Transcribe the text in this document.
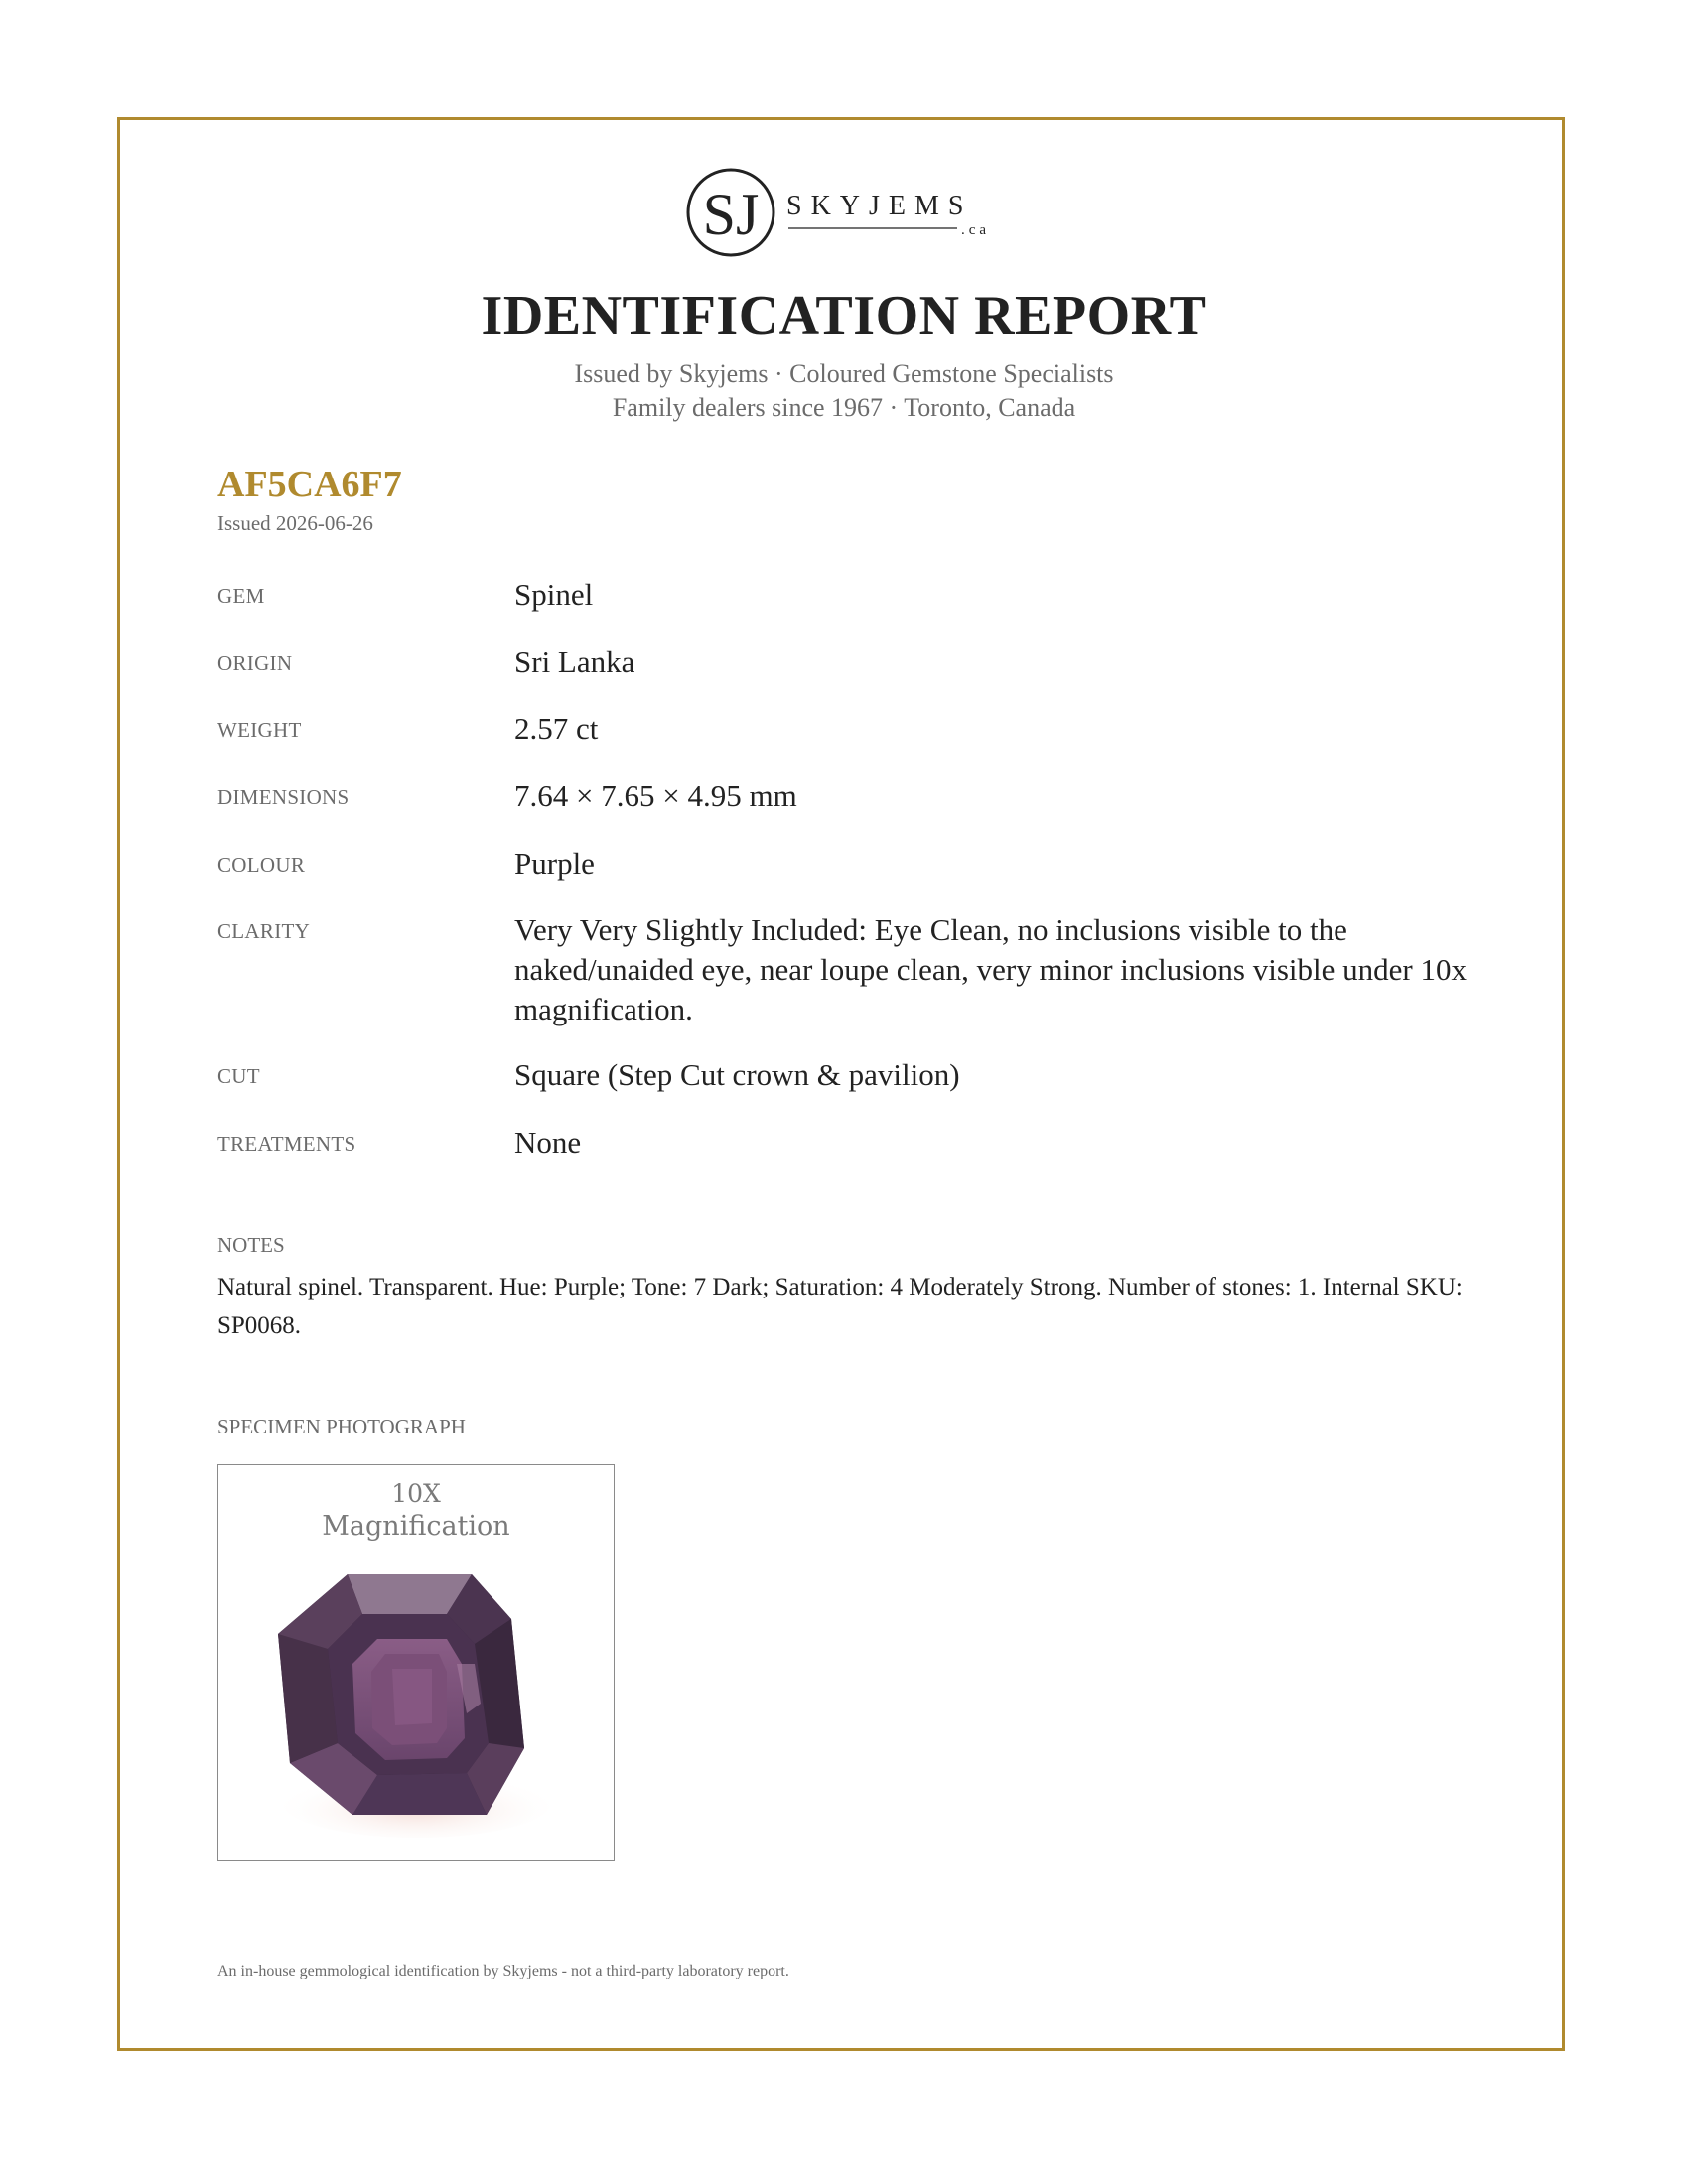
SJ SKYJEMS
.ca
IDENTIFICATION REPORT
Issued by Skyjems · Coloured Gemstone Specialists
Family dealers since 1967 · Toronto, Canada
AF5CA6F7
Issued 2026-06-26
GEM	Spinel
ORIGIN	Sri Lanka
WEIGHT	2.57 ct
DIMENSIONS	7.64 × 7.65 × 4.95 mm
COLOUR	Purple
CLARITY	Very Very Slightly Included: Eye Clean, no inclusions visible to the naked/unaided eye, near loupe clean, very minor inclusions visible under 10x magnification.
CUT	Square (Step Cut crown & pavilion)
TREATMENTS	None
NOTES
Natural spinel. Transparent. Hue: Purple; Tone: 7 Dark; Saturation: 4 Moderately Strong. Number of stones: 1. Internal SKU: SP0068.
SPECIMEN PHOTOGRAPH
10X
Magnification
An in-house gemmological identification by Skyjems - not a third-party laboratory report.
